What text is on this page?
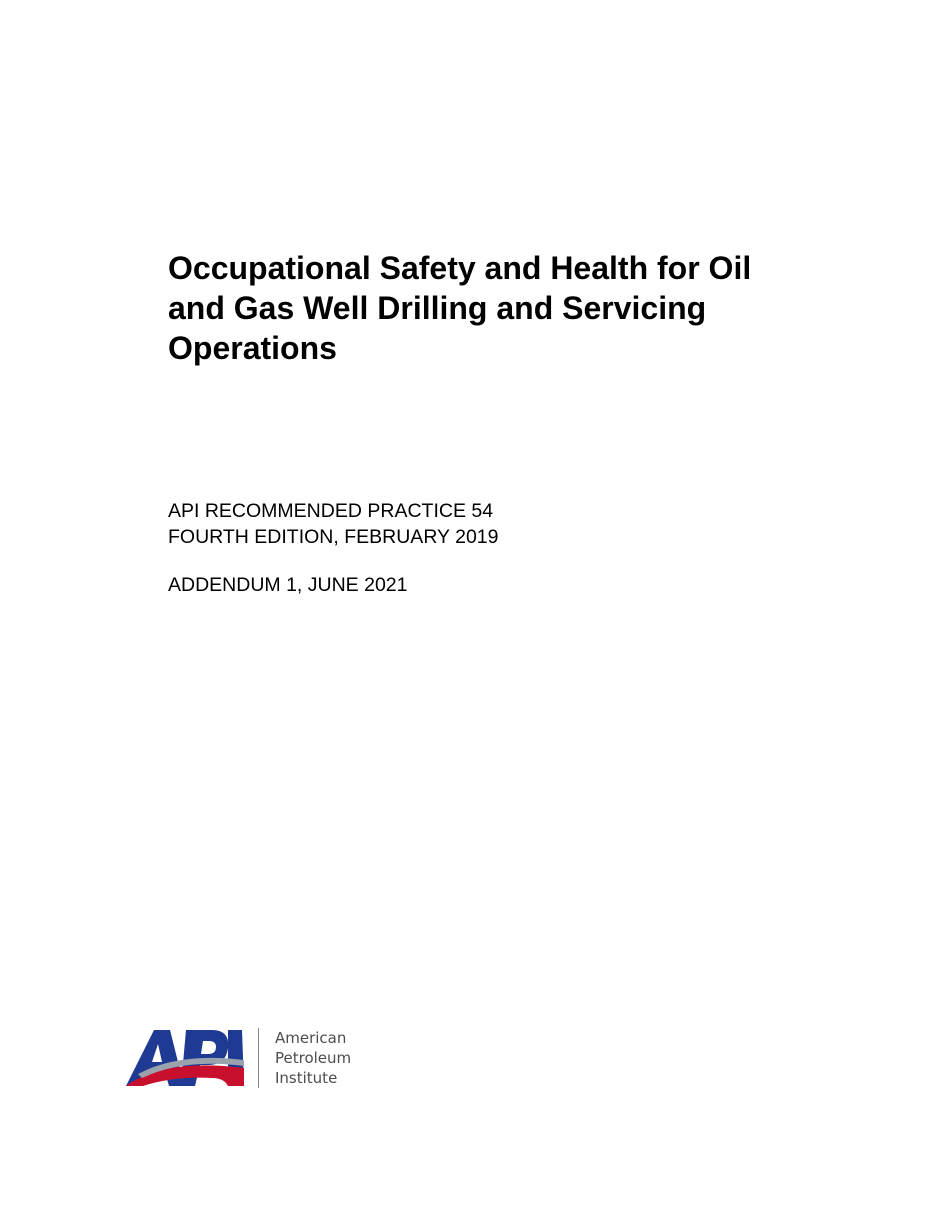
Occupational Safety and Health for Oil
and Gas Well Drilling and Servicing
Operations
API RECOMMENDED PRACTICE 54
FOURTH EDITION, FEBRUARY 2019
ADDENDUM 1, JUNE 2021
American
Petroleum
Institute
